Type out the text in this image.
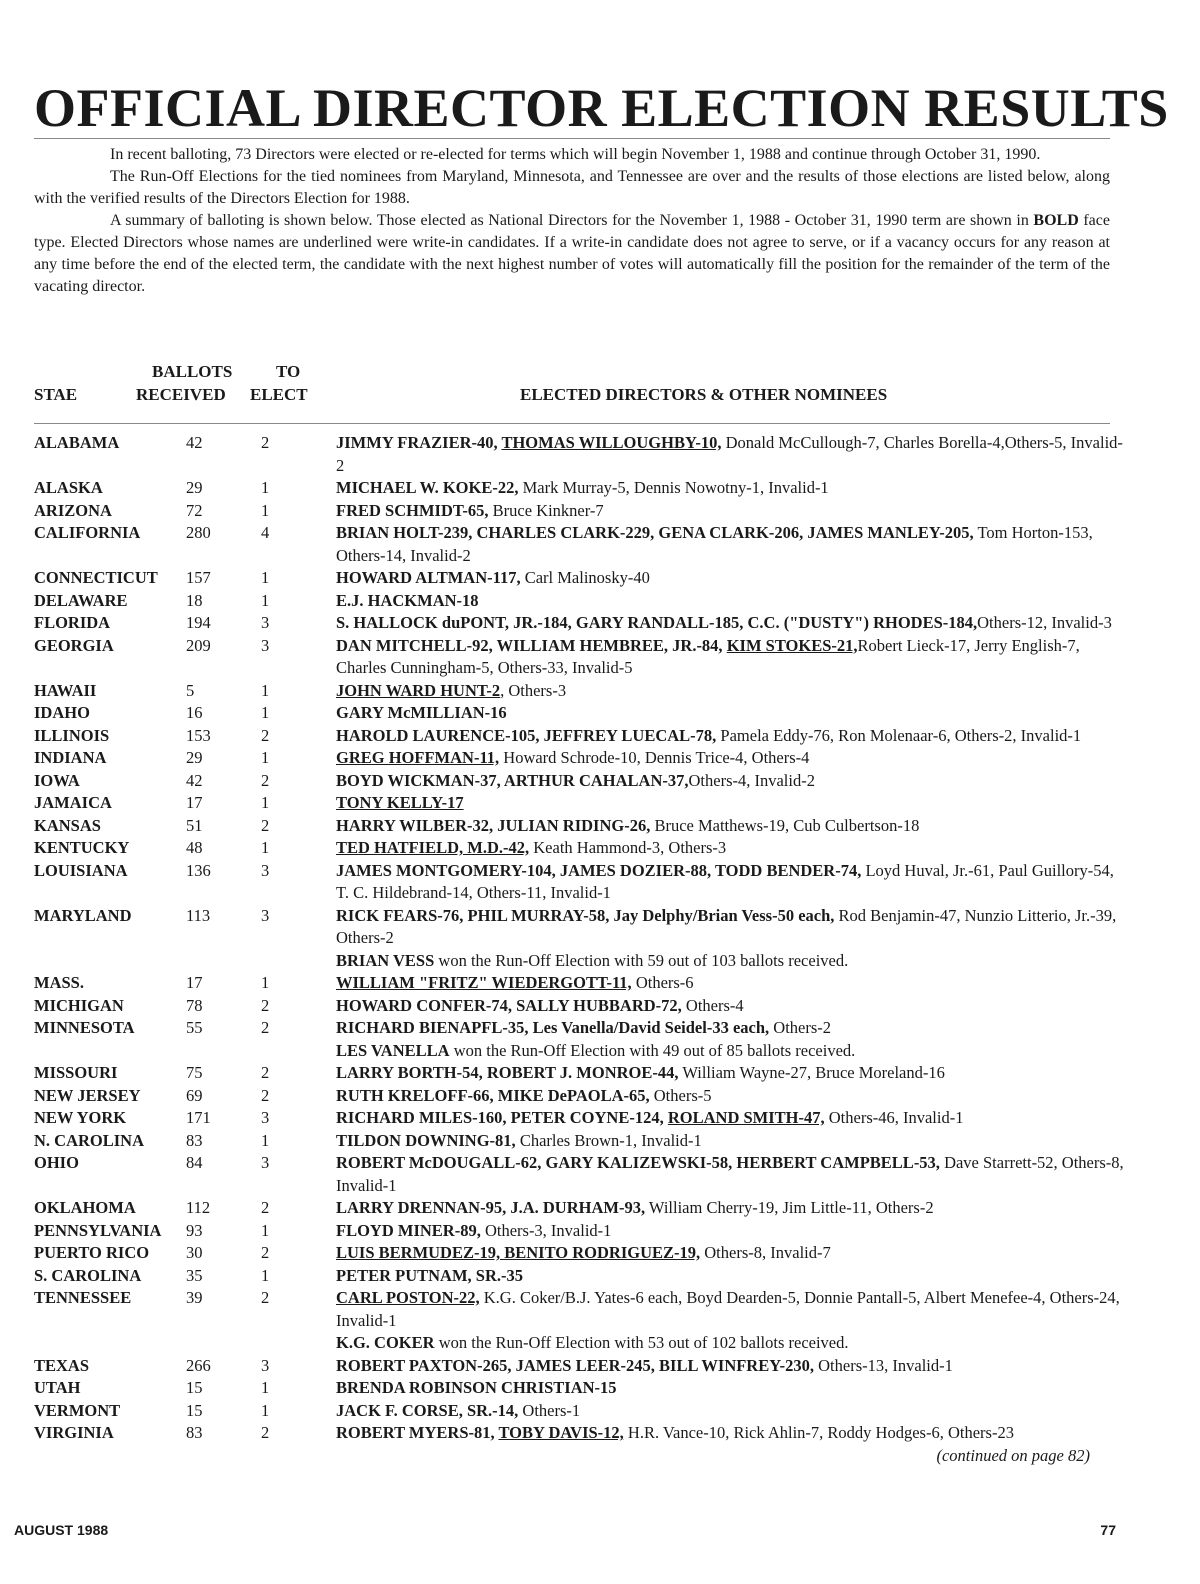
OFFICIAL DIRECTOR ELECTION RESULTS

In recent balloting, 73 Directors were elected or re-elected for terms which will begin November 1, 1988 and continue through October 31, 1990.

The Run-Off Elections for the tied nominees from Maryland, Minnesota, and Tennessee are over and the results of those elections are listed below, along with the verified results of the Directors Election for 1988.

A summary of balloting is shown below. Those elected as National Directors for the November 1, 1988 - October 31, 1990 term are shown in BOLD face type. Elected Directors whose names are underlined were write-in candidates. If a write-in candidate does not agree to serve, or if a vacancy occurs for any reason at any time before the end of the elected term, the candidate with the next highest number of votes will automatically fill the position for the remainder of the term of the vacating director.

BALLOTS	TO
STAE	RECEIVED ELECT	ELECTED DIRECTORS & OTHER NOMINEES
ALABAMA	42	2	JIMMY FRAZIER-40, THOMAS WILLOUGHBY-10, Donald McCullough-7, Charles Borella-4,Others-5, Invalid-2
ALASKA	29	1	MICHAEL W. KOKE-22, Mark Murray-5, Dennis Nowotny-1, Invalid-1
ARIZONA	72	1	FRED SCHMIDT-65, Bruce Kinkner-7
CALIFORNIA	280	4	BRIAN HOLT-239, CHARLES CLARK-229, GENA CLARK-206, JAMES MANLEY-205, Tom Horton-153, Others-14, Invalid-2
CONNECTICUT 157	1	HOWARD ALTMAN-117, Carl Malinosky-40
DELAWARE	18	1	E.J. HACKMAN-18
FLORIDA	194	3	S. HALLOCK duPONT, JR.-184, GARY RANDALL-185, C.C. ("DUSTY") RHODES-184,Others-12, Invalid-3
GEORGIA	209	3	DAN MITCHELL-92, WILLIAM HEMBREE, JR.-84, KIM STOKES-21,Robert Lieck-17, Jerry English-7, Charles Cunningham-5, Others-33, Invalid-5
HAWAII	5	1	JOHN WARD HUNT-2, Others-3
IDAHO	16	1	GARY McMILLIAN-16
ILLINOIS	153	2	HAROLD LAURENCE-105, JEFFREY LUECAL-78, Pamela Eddy-76, Ron Molenaar-6, Others-2, Invalid-1
INDIANA	29	1	GREG HOFFMAN-11, Howard Schrode-10, Dennis Trice-4, Others-4
IOWA	42	2	BOYD WICKMAN-37, ARTHUR CAHALAN-37,Others-4, Invalid-2
JAMAICA	17	1	TONY KELLY-17
KANSAS	51	2	HARRY WILBER-32, JULIAN RIDING-26, Bruce Matthews-19, Cub Culbertson-18
KENTUCKY	48	1	TED HATFIELD, M.D.-42, Keath Hammond-3, Others-3
LOUISIANA	136	3	JAMES MONTGOMERY-104, JAMES DOZIER-88, TODD BENDER-74, Loyd Huval, Jr.-61, Paul Guillory-54, T. C. Hildebrand-14, Others-11, Invalid-1
MARYLAND	113	3	RICK FEARS-76, PHIL MURRAY-58, Jay Delphy/Brian Vess-50 each, Rod Benjamin-47, Nunzio Litterio, Jr.-39, Others-2
BRIAN VESS won the Run-Off Election with 59 out of 103 ballots received.
MASS.	17	1	WILLIAM "FRITZ" WIEDERGOTT-11, Others-6
MICHIGAN	78	2	HOWARD CONFER-74, SALLY HUBBARD-72, Others-4
MINNESOTA	55	2	RICHARD BIENAPFL-35, Les Vanella/David Seidel-33 each, Others-2
LES VANELLA won the Run-Off Election with 49 out of 85 ballots received.
MISSOURI	75	2	LARRY BORTH-54, ROBERT J. MONROE-44, William Wayne-27, Bruce Moreland-16
NEW JERSEY	69	2	RUTH KRELOFF-66, MIKE DePAOLA-65, Others-5
NEW YORK	171	3	RICHARD MILES-160, PETER COYNE-124, ROLAND SMITH-47, Others-46, Invalid-1
N. CAROLINA	83	1	TILDON DOWNING-81, Charles Brown-1, Invalid-1
OHIO	84	3	ROBERT McDOUGALL-62, GARY KALIZEWSKI-58, HERBERT CAMPBELL-53, Dave Starrett-52, Others-8, Invalid-1
OKLAHOMA	112	2	LARRY DRENNAN-95, J.A. DURHAM-93, William Cherry-19, Jim Little-11, Others-2
PENNSYLVANIA 93	1	FLOYD MINER-89, Others-3, Invalid-1
PUERTO RICO 30	2	LUIS BERMUDEZ-19, BENITO RODRIGUEZ-19, Others-8, Invalid-7
S. CAROLINA	35	1	PETER PUTNAM, SR.-35
TENNESSEE	39	2	CARL POSTON-22, K.G. Coker/B.J. Yates-6 each, Boyd Dearden-5, Donnie Pantall-5, Albert Menefee-4, Others-24, Invalid-1
K.G. COKER won the Run-Off Election with 53 out of 102 ballots received.
TEXAS	266	3	ROBERT PAXTON-265, JAMES LEER-245, BILL WINFREY-230, Others-13, Invalid-1
UTAH	15	1	BRENDA ROBINSON CHRISTIAN-15
VERMONT	15	1	JACK F. CORSE, SR.-14, Others-1
VIRGINIA	83	2	ROBERT MYERS-81, TOBY DAVIS-12, H.R. Vance-10, Rick Ahlin-7, Roddy Hodges-6, Others-23
(continued on page 82)
AUGUST 1988	77
